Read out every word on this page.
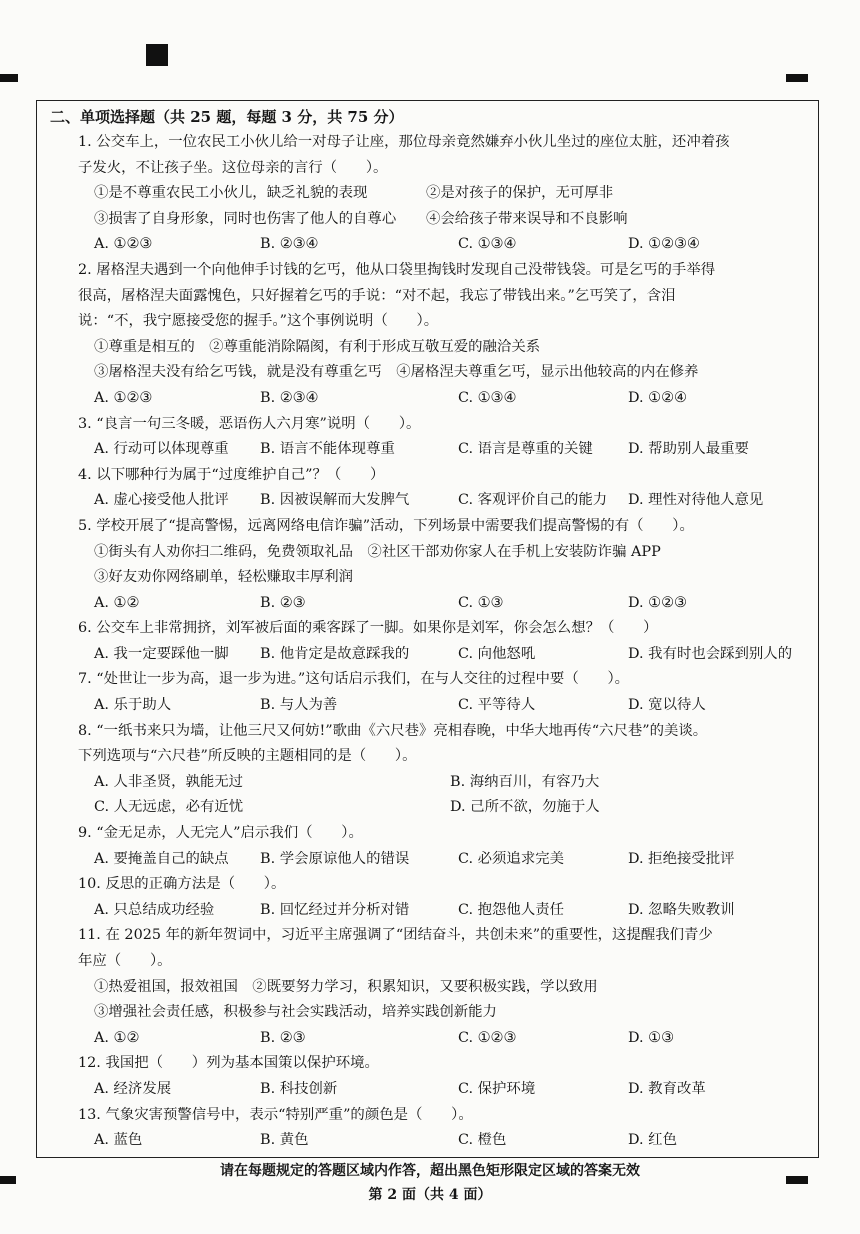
二、单项选择题（共 25 题，每题 3 分，共 75 分）
1. 公交车上，一位农民工小伙儿给一对母子让座，那位母亲竟然嫌弃小伙儿坐过的座位太脏，还冲着孩
子发火，不让孩子坐。这位母亲的言行（　　）。
①是不尊重农民工小伙儿，缺乏礼貌的表现	②是对孩子的保护，无可厚非
③损害了自身形象，同时也伤害了他人的自尊心 ④会给孩子带来误导和不良影响
A. ①②③	B. ②③④	C. ①③④	D. ①②③④
2. 屠格涅夫遇到一个向他伸手讨钱的乞丐，他从口袋里掏钱时发现自己没带钱袋。可是乞丐的手举得
很高，屠格涅夫面露愧色，只好握着乞丐的手说：“对不起，我忘了带钱出来。”乞丐笑了，含泪
说：“不，我宁愿接受您的握手。”这个事例说明（　　）。
①尊重是相互的　②尊重能消除隔阂，有利于形成互敬互爱的融洽关系
③屠格涅夫没有给乞丐钱，就是没有尊重乞丐　④屠格涅夫尊重乞丐，显示出他较高的内在修养
A. ①②③	B. ②③④	C. ①③④	D. ①②④
3. “良言一句三冬暖，恶语伤人六月寒”说明（　　）。
A. 行动可以体现尊重 B. 语言不能体现尊重	C. 语言是尊重的关键 D. 帮助别人最重要
4. 以下哪种行为属于“过度维护自己”？（　　）
A. 虚心接受他人批评 B. 因被误解而大发脾气	C. 客观评价自己的能力 D. 理性对待他人意见
5. 学校开展了“提高警惕，远离网络电信诈骗”活动，下列场景中需要我们提高警惕的有（　　）。
①街头有人劝你扫二维码，免费领取礼品　②社区干部劝你家人在手机上安装防诈骗 APP
③好友劝你网络刷单，轻松赚取丰厚利润
A. ①②	B. ②③	C. ①③	D. ①②③
6. 公交车上非常拥挤，刘军被后面的乘客踩了一脚。如果你是刘军，你会怎么想？（　　）
A. 我一定要踩他一脚 B. 他肯定是故意踩我的	C. 向他怒吼	D. 我有时也会踩到别人的
7. “处世让一步为高，退一步为进。”这句话启示我们，在与人交往的过程中要（　　）。
A. 乐于助人	B. 与人为善	C. 平等待人	D. 宽以待人
8. “一纸书来只为墙，让他三尺又何妨!”歌曲《六尺巷》亮相春晚，中华大地再传“六尺巷”的美谈。
下列选项与“六尺巷”所反映的主题相同的是（　　）。
A. 人非圣贤，孰能无过	B. 海纳百川，有容乃大
C. 人无远虑，必有近忧	D. 己所不欲，勿施于人
9. “金无足赤，人无完人”启示我们（　　）。
A. 要掩盖自己的缺点 B. 学会原谅他人的错误	C. 必须追求完美	D. 拒绝接受批评
10. 反思的正确方法是（　　）。
A. 只总结成功经验	B. 回忆经过并分析对错	C. 抱怨他人责任	D. 忽略失败教训
11. 在 2025 年的新年贺词中，习近平主席强调了“团结奋斗，共创未来”的重要性，这提醒我们青少
年应（　　）。
①热爱祖国，报效祖国　②既要努力学习，积累知识，又要积极实践，学以致用
③增强社会责任感，积极参与社会实践活动，培养实践创新能力
A. ①②	B. ②③	C. ①②③	D. ①③
12. 我国把（　　）列为基本国策以保护环境。
A. 经济发展	B. 科技创新	C. 保护环境	D. 教育改革
13. 气象灾害预警信号中，表示“特别严重”的颜色是（　　）。
A. 蓝色	B. 黄色	C. 橙色	D. 红色
请在每题规定的答题区域内作答，超出黑色矩形限定区域的答案无效
第 2 面（共 4 面）
